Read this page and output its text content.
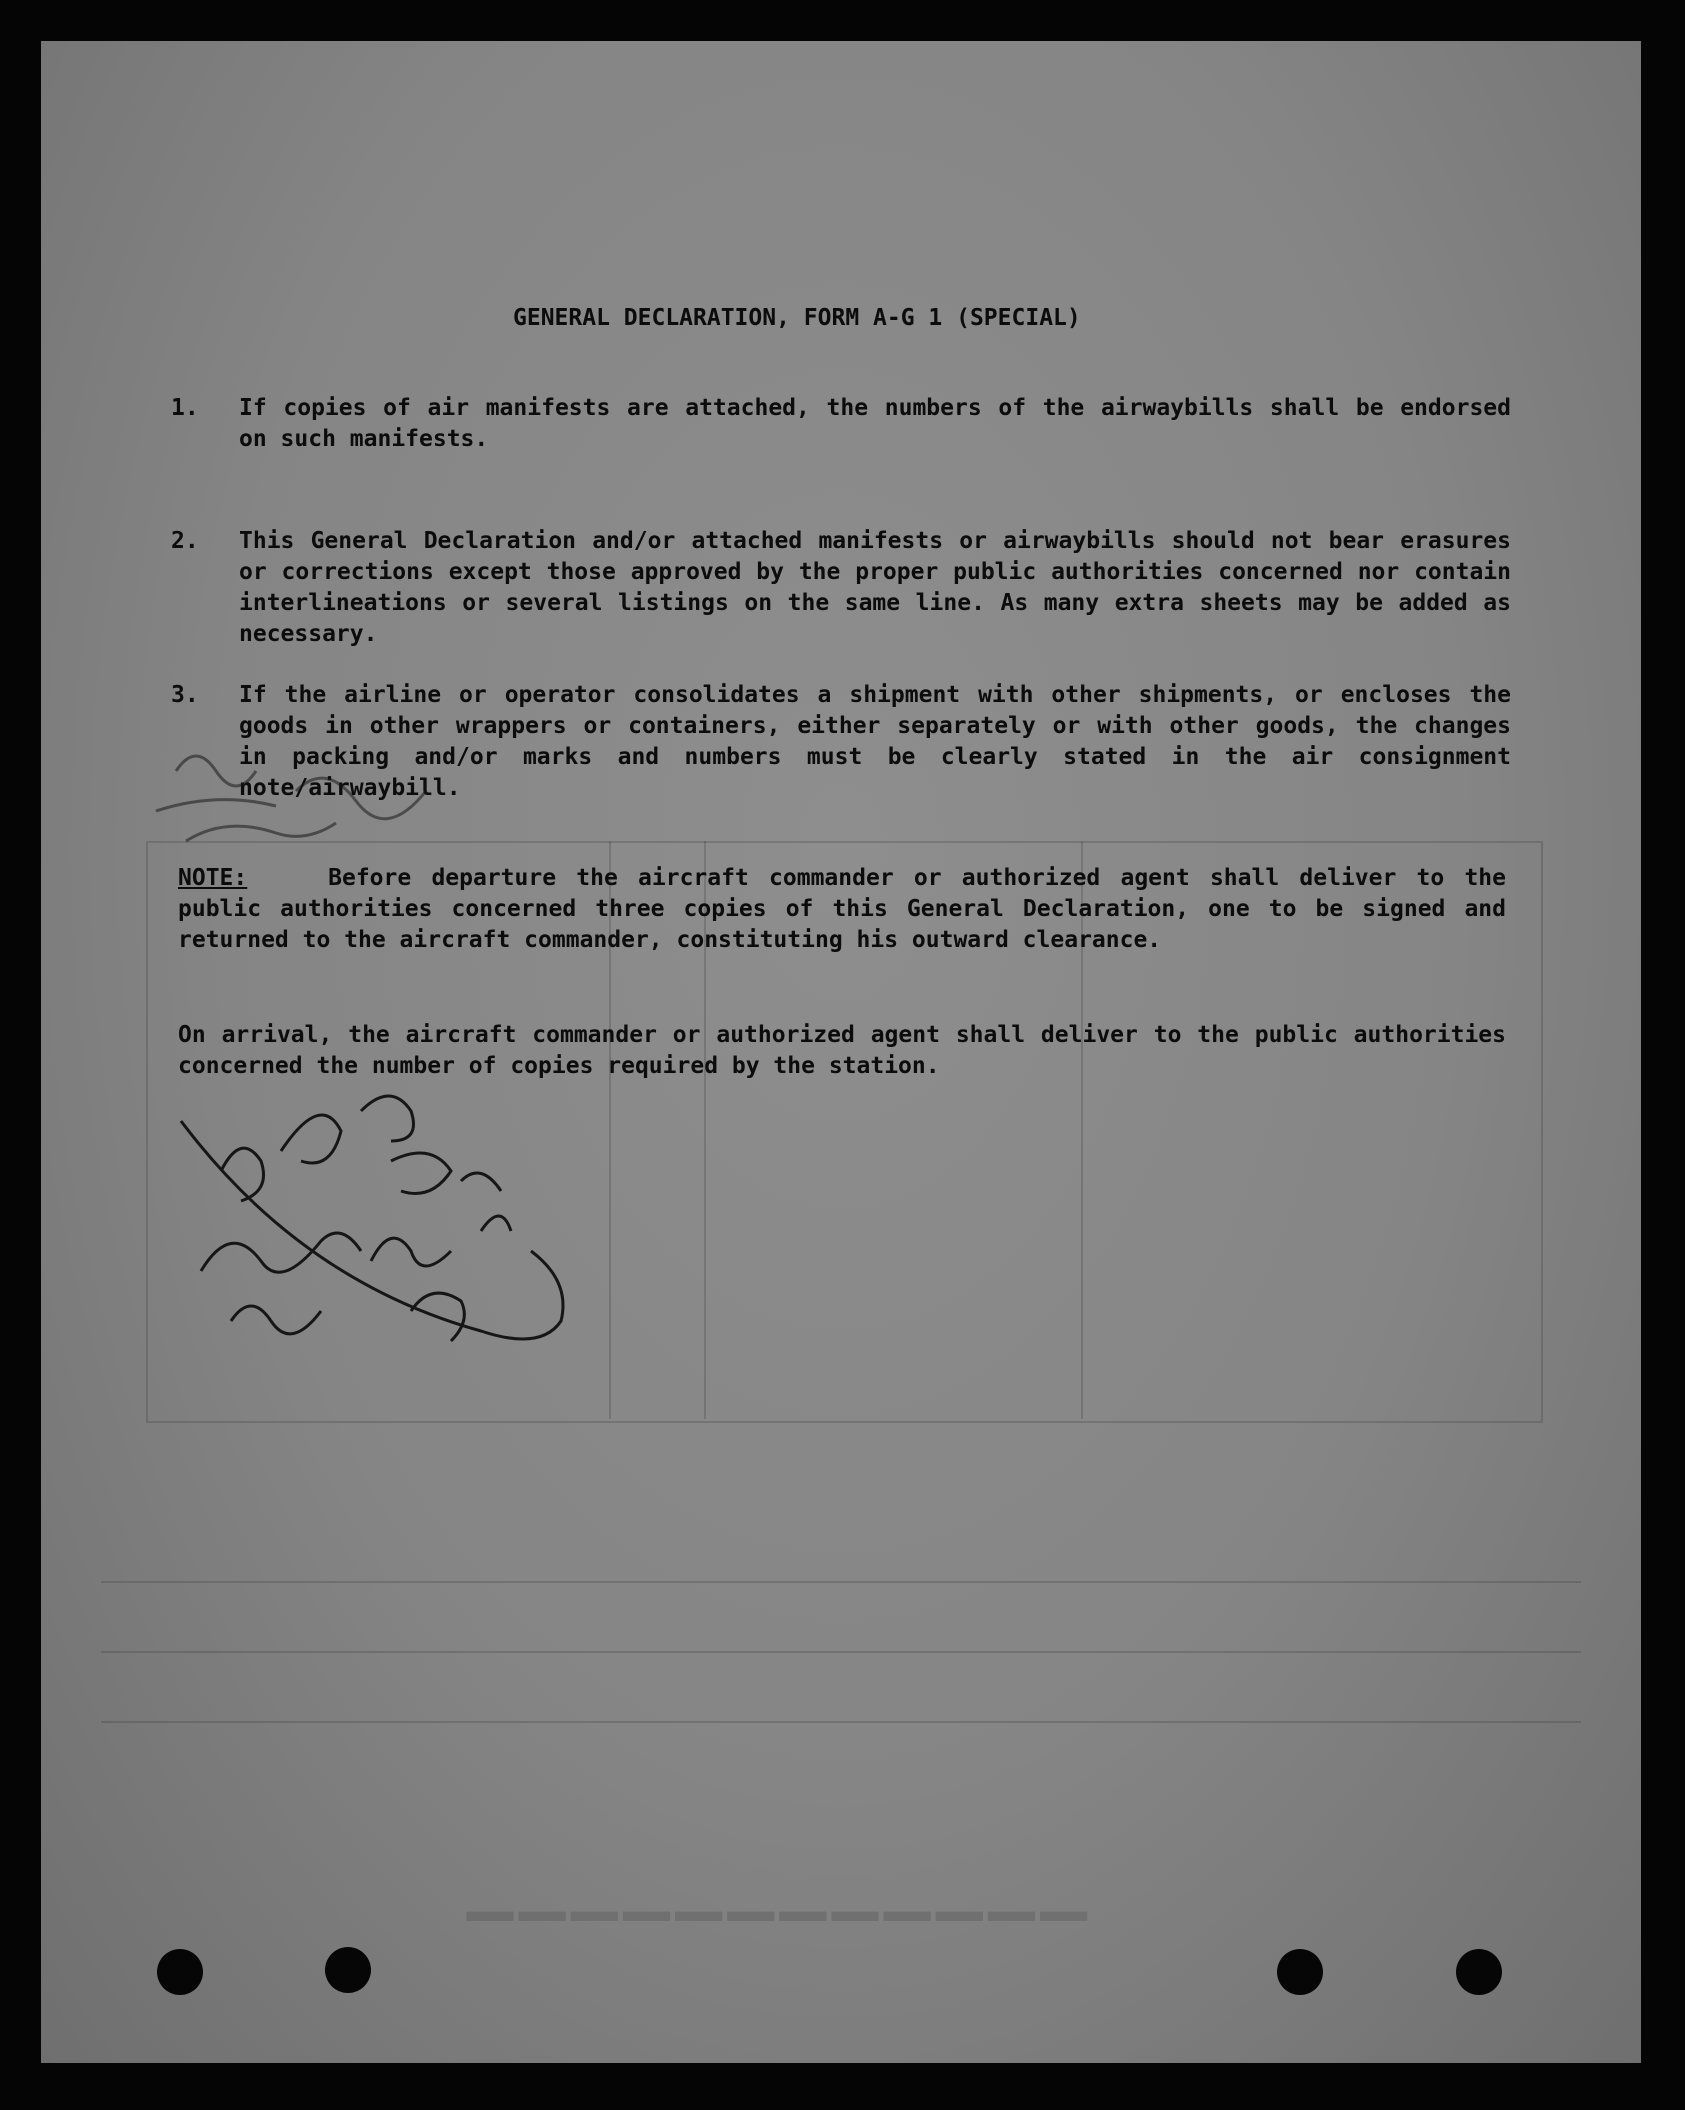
▁▁▁▁▁▁▁▁▁▁▁▁
GENERAL DECLARATION, FORM A-G 1 (SPECIAL)
1.	If copies of air manifests are attached, the numbers of the airwaybills shall be endorsed on such manifests.
2.	This General Declaration and/or attached manifests or airwaybills should not bear erasures or corrections except those approved by the proper public authorities concerned nor contain interlineations or several listings on the same line. As many extra sheets may be added as necessary.
3.	If the airline or operator consolidates a shipment with other shipments, or encloses the goods in other wrappers or containers, either separately or with other goods, the changes in packing and/or marks and numbers must be clearly stated in the air consignment note/airwaybill.
NOTE:	Before departure the aircraft commander or authorized agent shall deliver to the public authorities concerned three copies of this General Declaration, one to be signed and returned to the aircraft commander, constituting his outward clearance.
On arrival, the aircraft commander or authorized agent shall deliver to the public authorities concerned the number of copies required by the station.
